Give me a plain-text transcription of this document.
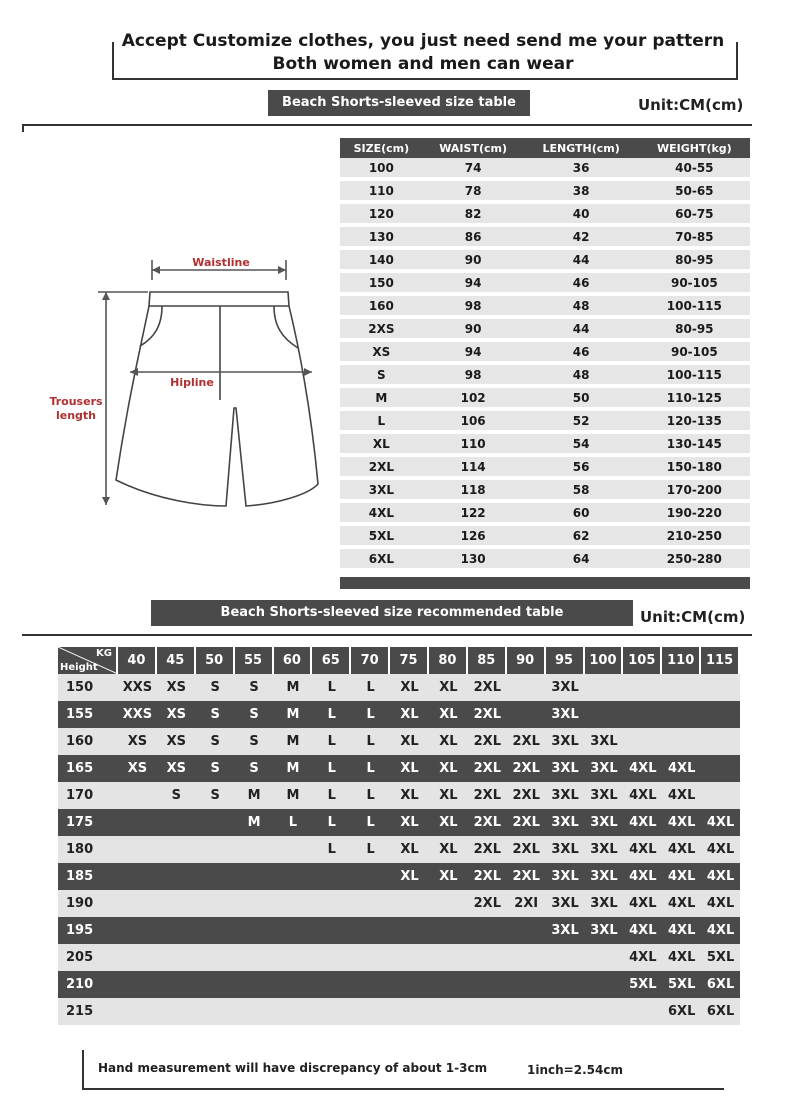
Accept Customize clothes, you just need send me your pattern
Both women and men can wear
Beach Shorts-sleeved size table	Unit:CM(cm)
Waistline
Hipline
Trousers
length
SIZE(cm)	WAIST(cm)	LENGTH(cm)	WEIGHT(kg)
100	74	36	40-55
110	78	38	50-65
120	82	40	60-75
130	86	42	70-85
140	90	44	80-95
150	94	46	90-105
160	98	48	100-115
2XS	90	44	80-95
XS	94	46	90-105
S	98	48	100-115
M	102	50	110-125
L	106	52	120-135
XL	110	54	130-145
2XL	114	56	150-180
3XL	118	58	170-200
4XL	122	60	190-220
5XL	126	62	210-250
6XL	130	64	250-280
Beach Shorts-sleeved size recommended table	Unit:CM(cm)
KG
Height	40	45	50	55	60	65	70	75	80	85	90	95	100	105	110	115
150	XXS	XS	S	S	M	L	L	XL	XL	2XL		3XL				
155	XXS	XS	S	S	M	L	L	XL	XL	2XL		3XL				
160	XS	XS	S	S	M	L	L	XL	XL	2XL	2XL	3XL	3XL			
165	XS	XS	S	S	M	L	L	XL	XL	2XL	2XL	3XL	3XL	4XL	4XL	
170		S	S	M	M	L	L	XL	XL	2XL	2XL	3XL	3XL	4XL	4XL	
175				M	L	L	L	XL	XL	2XL	2XL	3XL	3XL	4XL	4XL	4XL
180						L	L	XL	XL	2XL	2XL	3XL	3XL	4XL	4XL	4XL
185								XL	XL	2XL	2XL	3XL	3XL	4XL	4XL	4XL
190										2XL	2XI	3XL	3XL	4XL	4XL	4XL
195												3XL	3XL	4XL	4XL	4XL
205														4XL	4XL	5XL
210														5XL	5XL	6XL
215															6XL	6XL
Hand measurement will have discrepancy of about 1-3cm	1inch=2.54cm
